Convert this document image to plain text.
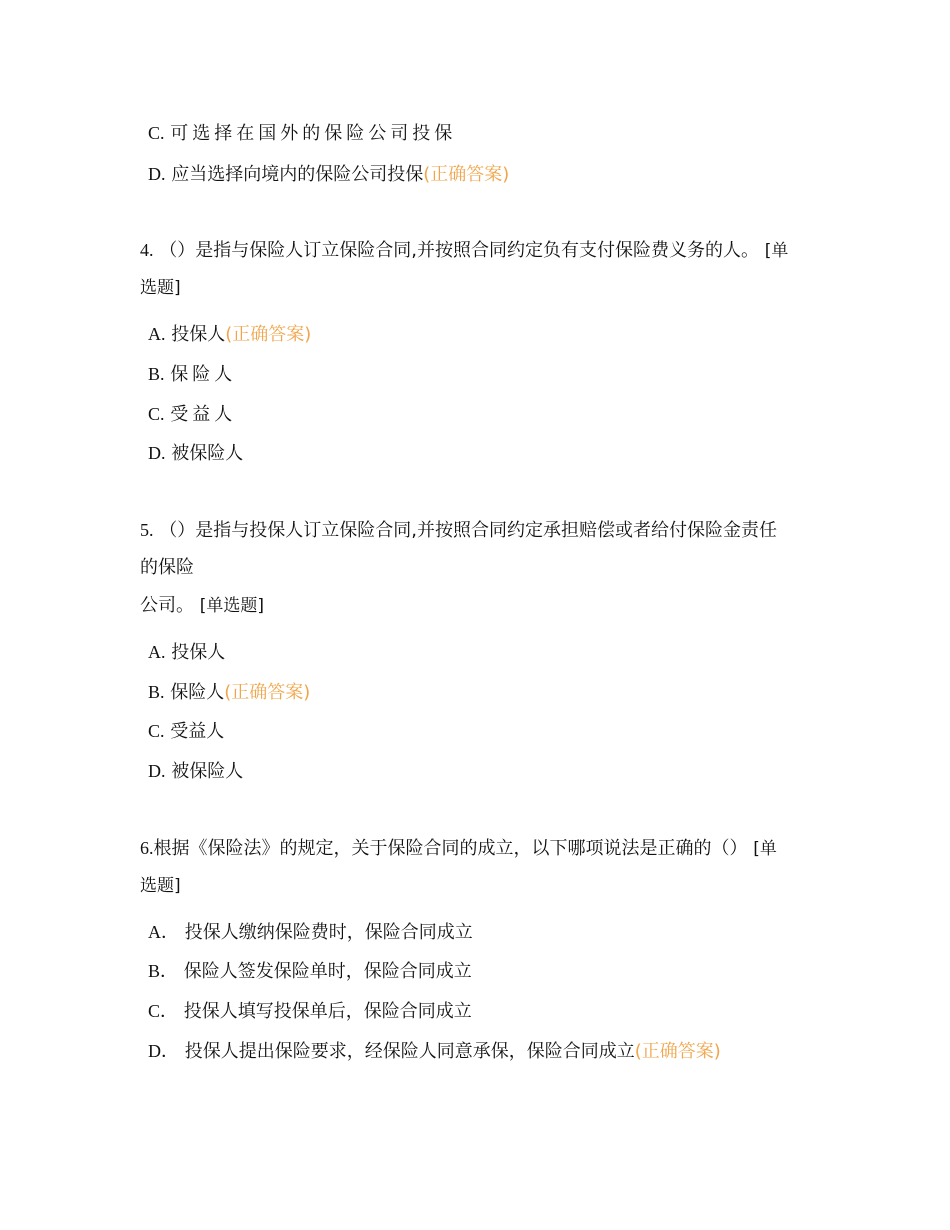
C. 可选择在国外的保险公司投保
D. 应当选择向境内的保险公司投保(正确答案)
4. （）是指与保险人订立保险合同,并按照合同约定负有支付保险费义务的人。 [单
选题]
A. 投保人(正确答案)
B. 保险人
C. 受益人
D. 被保险人
5. （）是指与投保人订立保险合同,并按照合同约定承担赔偿或者给付保险金责任
的保险
公司。 [单选题]
A. 投保人
B. 保险人(正确答案)
C. 受益人
D. 被保险人
6.根据《保险法》的规定，关于保险合同的成立，以下哪项说法是正确的（） [单
选题]
A． 投保人缴纳保险费时，保险合同成立
B． 保险人签发保险单时，保险合同成立
C． 投保人填写投保单后，保险合同成立
D． 投保人提出保险要求，经保险人同意承保，保险合同成立(正确答案)
